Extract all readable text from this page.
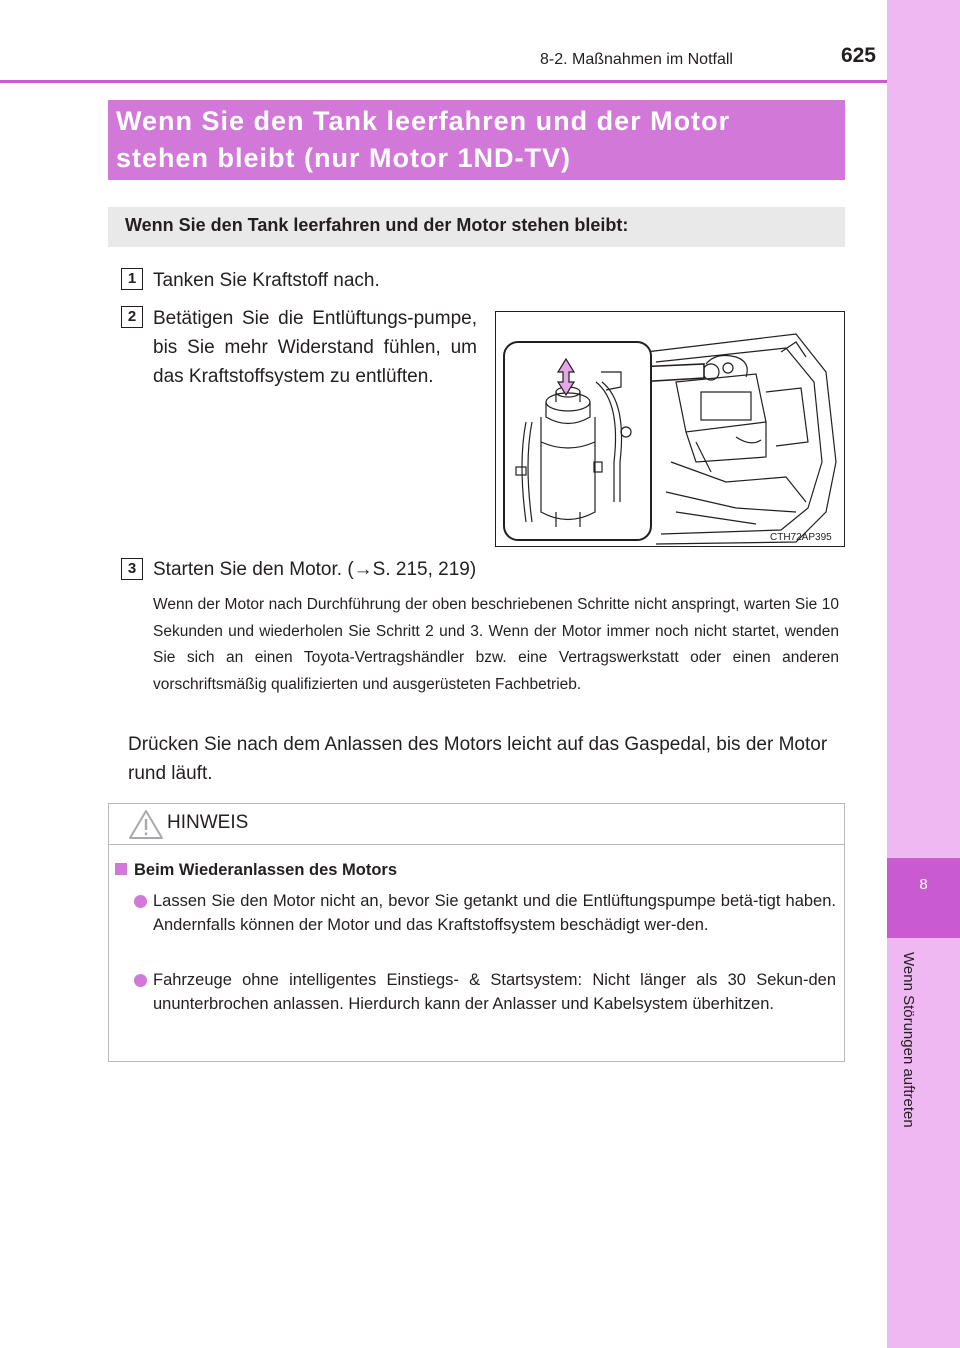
8
Wenn Störungen auftreten
8-2. Maßnahmen im Notfall	625
Wenn Sie den Tank leerfahren und der Motor
stehen bleibt (nur Motor 1ND-TV)
Wenn Sie den Tank leerfahren und der Motor stehen bleibt:
1 Tanken Sie Kraftstoff nach.
2 Betätigen Sie die Entlüftungs-pumpe, bis Sie mehr Widerstand fühlen, um das Kraftstoffsystem zu entlüften.
CTH72AP395
3 Starten Sie den Motor. (→S. 215, 219)
Wenn der Motor nach Durchführung der oben beschriebenen Schritte nicht anspringt, warten Sie 10 Sekunden und wiederholen Sie Schritt 2 und 3. Wenn der Motor immer noch nicht startet, wenden Sie sich an einen Toyota-Vertragshändler bzw. eine Vertragswerkstatt oder einen anderen vorschriftsmäßig qualifizierten und ausgerüsteten Fachbetrieb.
Drücken Sie nach dem Anlassen des Motors leicht auf das Gaspedal, bis der Motor rund läuft.
HINWEIS
Beim Wiederanlassen des Motors
Lassen Sie den Motor nicht an, bevor Sie getankt und die Entlüftungspumpe betä-tigt haben. Andernfalls können der Motor und das Kraftstoffsystem beschädigt wer-den.
Fahrzeuge ohne intelligentes Einstiegs- & Startsystem: Nicht länger als 30 Sekun-den ununterbrochen anlassen. Hierdurch kann der Anlasser und Kabelsystem überhitzen.
